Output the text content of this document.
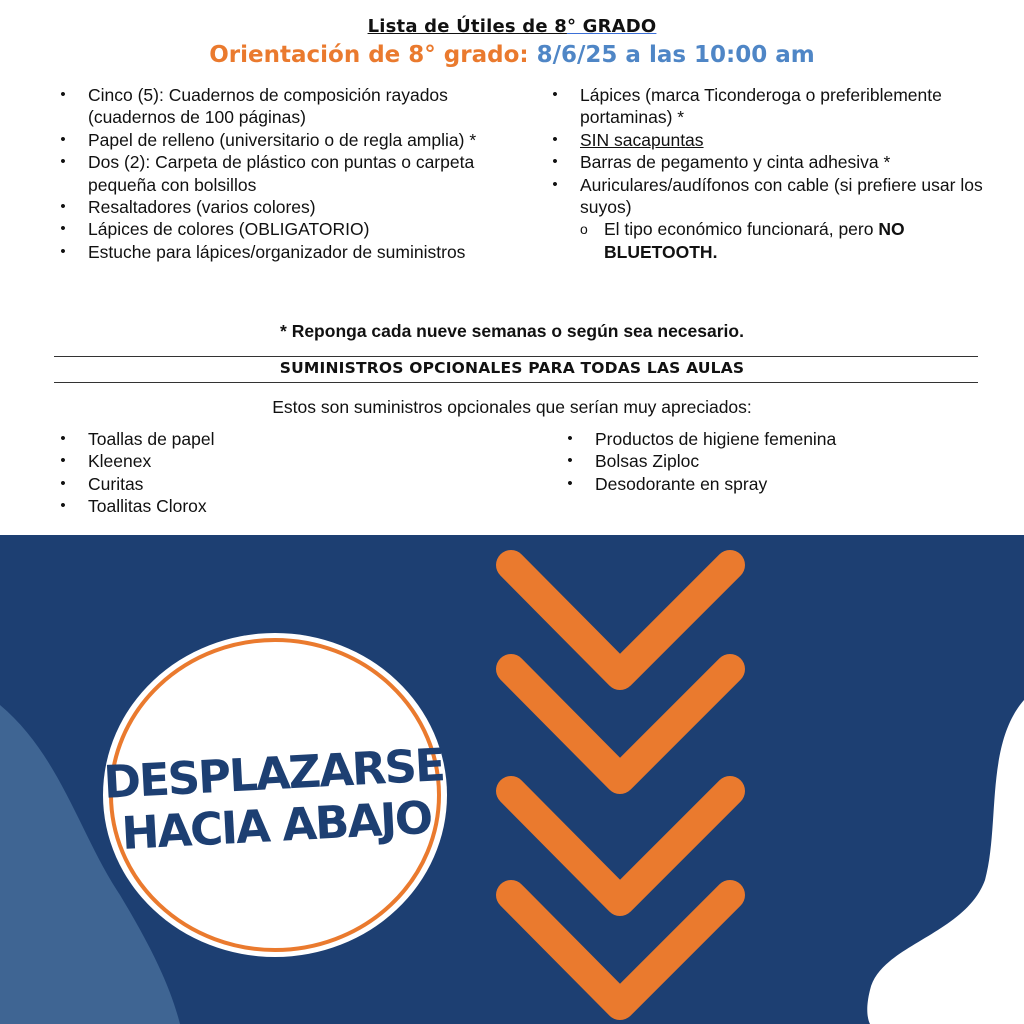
Lista de Útiles de 8° GRADO
Orientación de 8° grado: 8/6/25 a las 10:00 am
• Cinco (5): Cuadernos de composición rayados (cuadernos de 100 páginas)
• Papel de relleno (universitario o de regla amplia) *
• Dos (2): Carpeta de plástico con puntas o carpeta pequeña con bolsillos
• Resaltadores (varios colores)
• Lápices de colores (OBLIGATORIO)
• Estuche para lápices/organizador de suministros
• Lápices (marca Ticonderoga o preferiblemente portaminas) *
• SIN sacapuntas
• Barras de pegamento y cinta adhesiva *
• Auriculares/audífonos con cable (si prefiere usar los suyos)
o El tipo económico funcionará, pero NO BLUETOOTH.
* Reponga cada nueve semanas o según sea necesario.
SUMINISTROS OPCIONALES PARA TODAS LAS AULAS
Estos son suministros opcionales que serían muy apreciados:
• Toallas de papel
• Kleenex
• Curitas
• Toallitas Clorox
• Productos de higiene femenina
• Bolsas Ziploc
• Desodorante en spray
DESPLAZARSE
HACIA ABAJO
